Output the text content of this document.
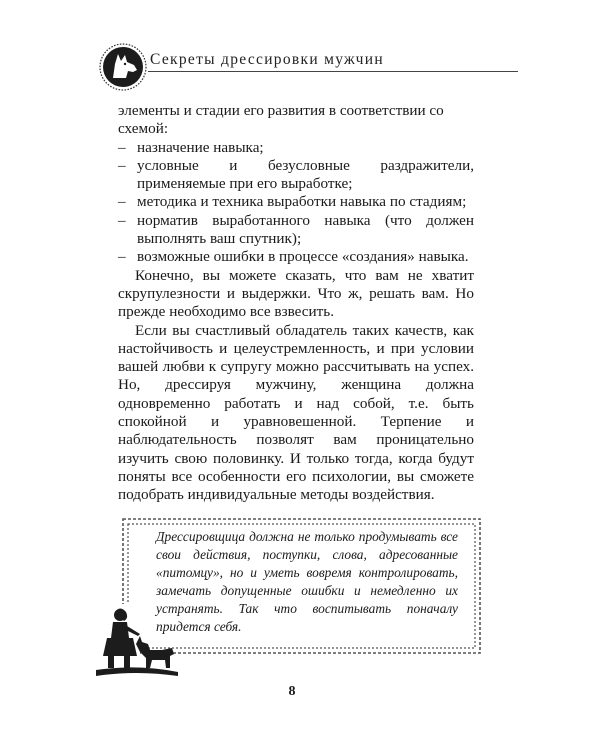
Секреты дрессировки мужчин

элементы и стадии его развития в соответствии со
схемой:

– назначение навыка;
– условные и безусловные раздражители, применяемые при его выработке;
– методика и техника выработки навыка по стадиям;
– норматив выработанного навыка (что должен выполнять ваш спутник);
– возможные ошибки в процессе «создания» навыка.

Конечно, вы можете сказать, что вам не хватит скрупулезности и выдержки. Что ж, решать вам. Но прежде необходимо все взвесить.

Если вы счастливый обладатель таких качеств, как настойчивость и целеустремленность, и при условии вашей любви к супругу можно рассчитывать на успех. Но, дрессируя мужчину, женщина должна одновременно работать и над собой, т.е. быть спокойной и уравновешенной. Терпение и наблюдательность позволят вам проницательно изучить свою половинку. И только тогда, когда будут поняты все особенности его психологии, вы сможете подобрать индивидуальные методы воздействия.

Дрессировщица должна не только продумывать все свои действия, поступки, слова, адресованные «питомцу», но и уметь вовремя контролировать, замечать допущенные ошибки и немедленно их устранять. Так что воспитывать поначалу придется себя.
8
